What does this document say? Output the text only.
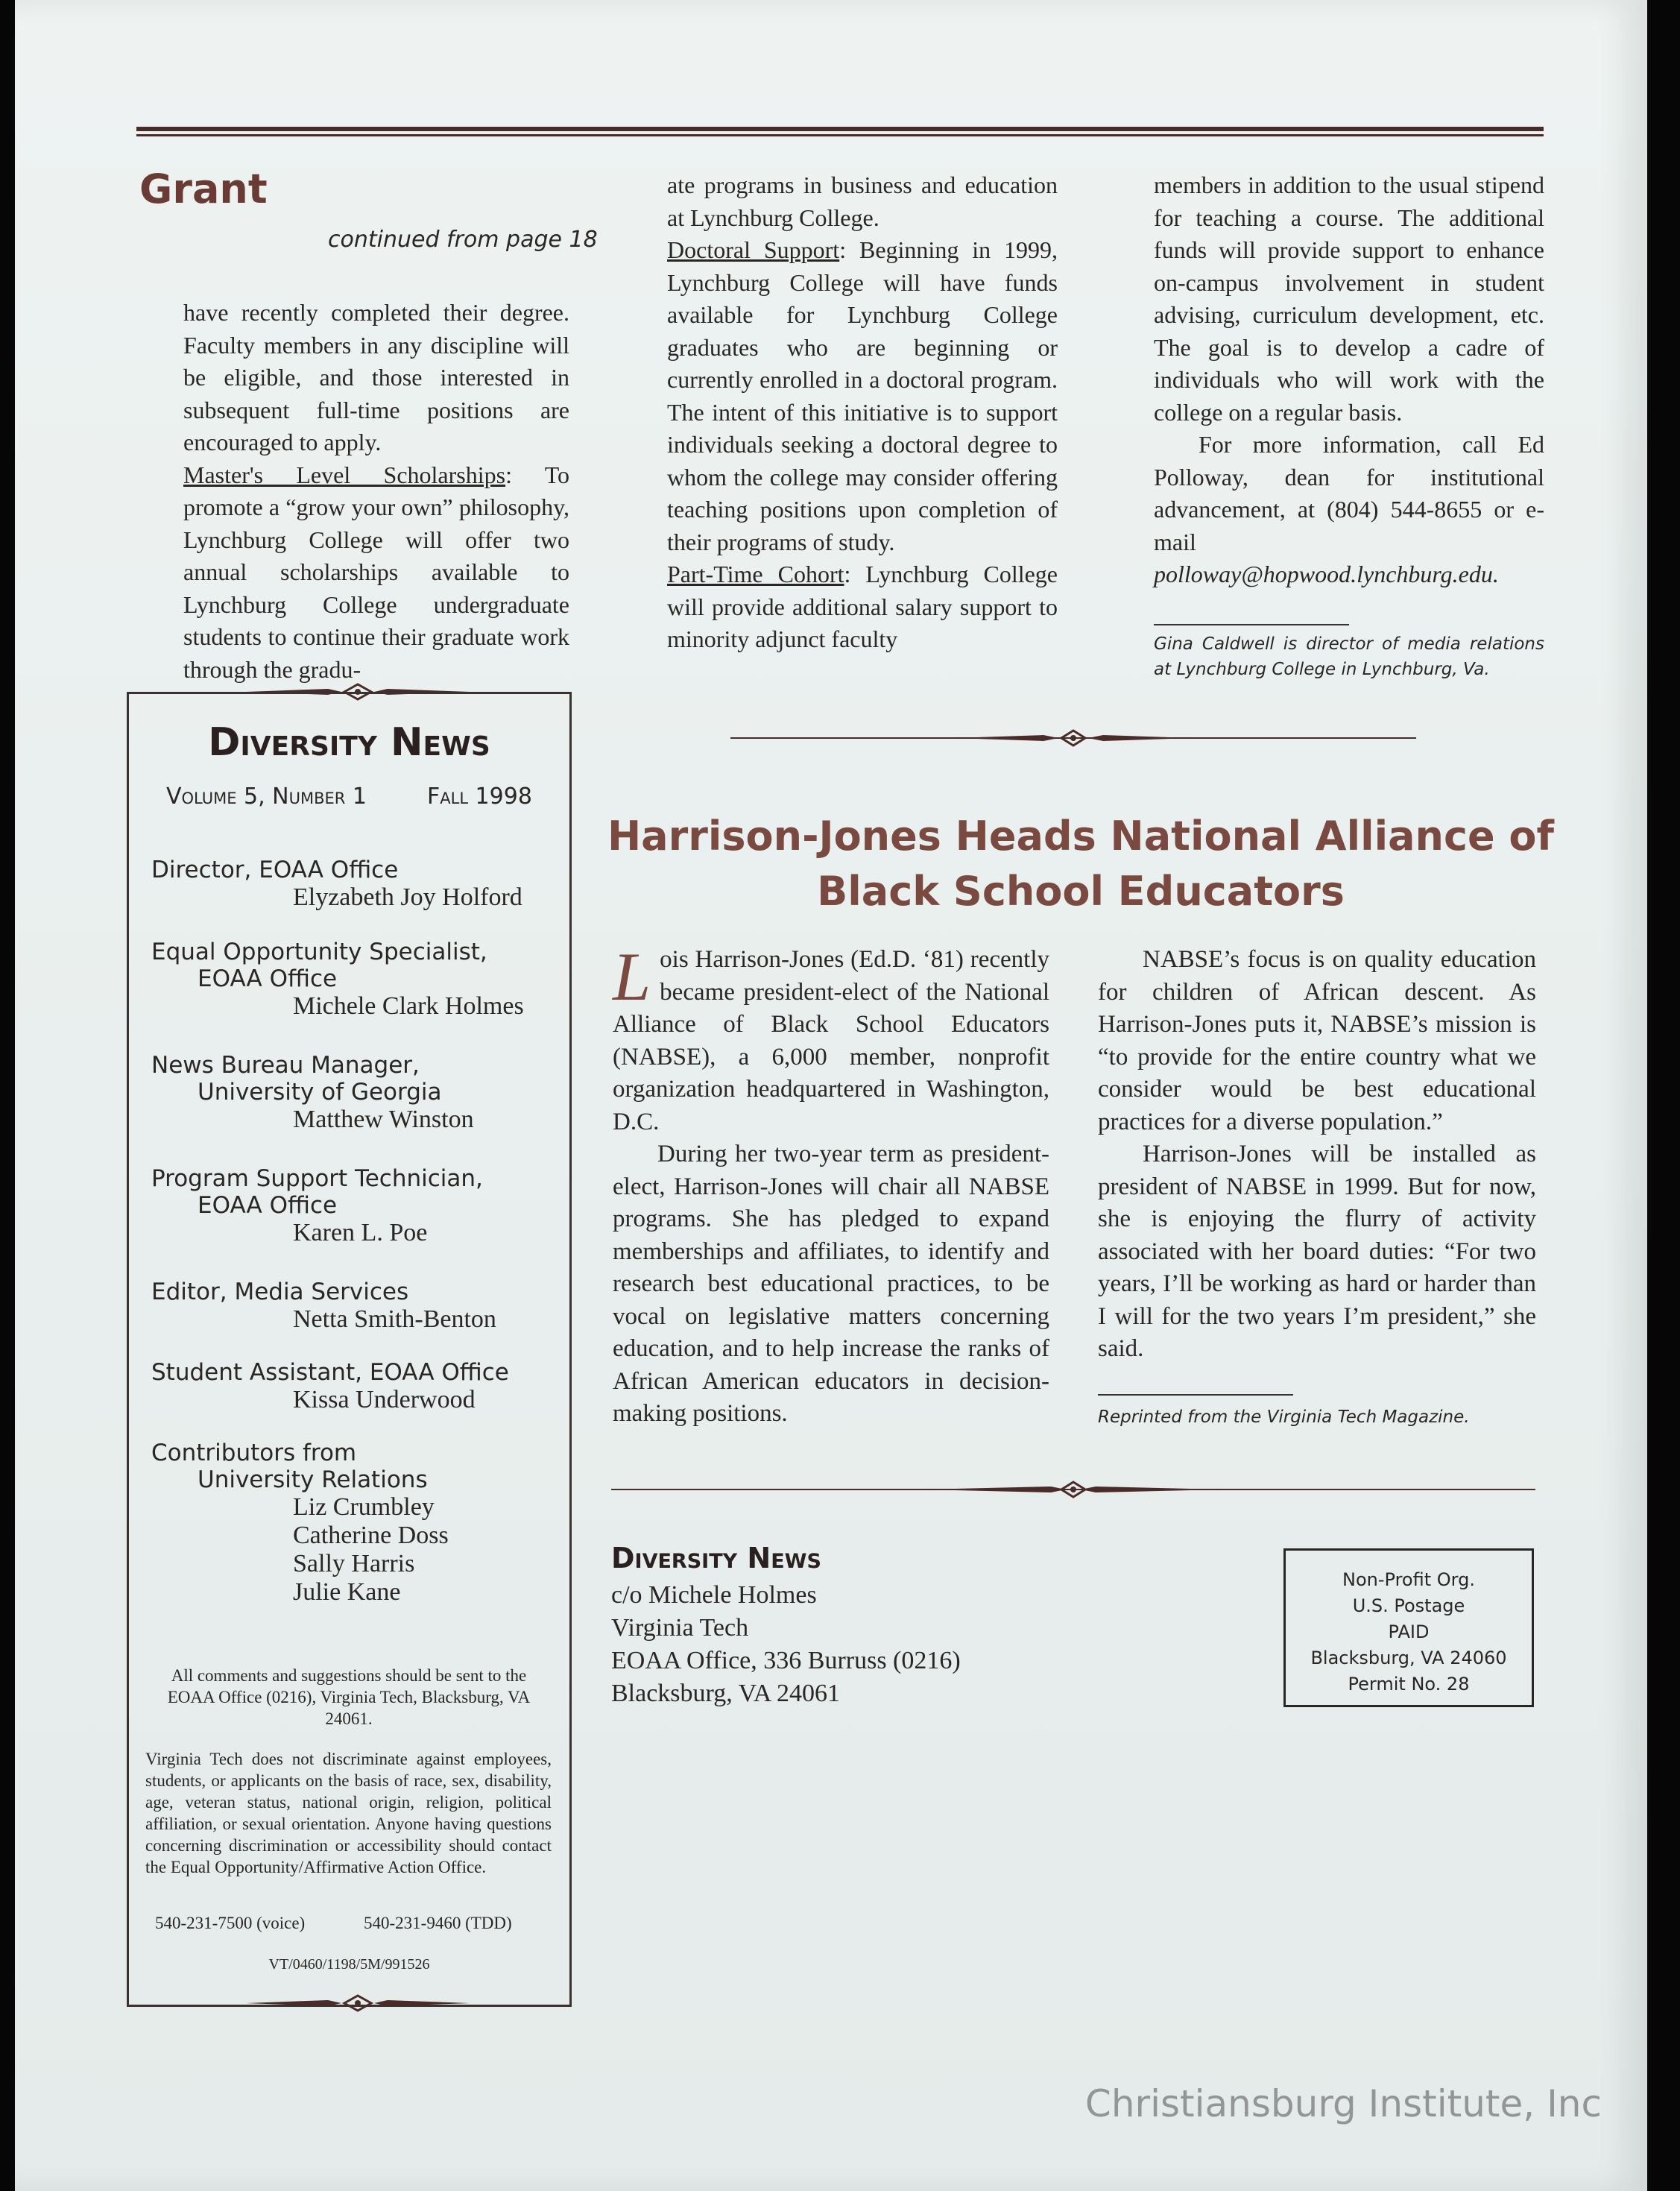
Grant
continued from page 18

have recently completed their degree. Faculty members in any discipline will be eligible, and those interested in subsequent full-time positions are encouraged to apply.

Master's Level Scholarships: To promote a “grow your own” philosophy, Lynchburg College will offer two annual scholarships available to Lynchburg College undergraduate students to continue their graduate work through the gradu-

ate programs in business and education at Lynchburg College.

Doctoral Support: Beginning in 1999, Lynchburg College will have funds available for Lynchburg College graduates who are beginning or currently enrolled in a doctoral program. The intent of this initiative is to support individuals seeking a doctoral degree to whom the college may consider offering teaching positions upon completion of their programs of study.

Part-Time Cohort: Lynchburg College will provide additional salary support to minority adjunct faculty

members in addition to the usual stipend for teaching a course. The additional funds will provide support to enhance on-campus involvement in student advising, curriculum development, etc. The goal is to develop a cadre of individuals who will work with the college on a regular basis.

For more information, call Ed Polloway, dean for institutional advancement, at (804) 544-8655 or e-mail polloway@hopwood.lynchburg.edu.

Gina Caldwell is director of media relations at Lynchburg College in Lynchburg, Va.
Diversity News
Volume 5, Number 1	Fall 1998
Director, EOAA Office
Elyzabeth Joy Holford
Equal Opportunity Specialist,
EOAA Office
Michele Clark Holmes
News Bureau Manager,
University of Georgia
Matthew Winston
Program Support Technician,
EOAA Office
Karen L. Poe
Editor, Media Services
Netta Smith-Benton
Student Assistant, EOAA Office
Kissa Underwood
Contributors from
University Relations
Liz Crumbley
Catherine Doss
Sally Harris
Julie Kane
All comments and suggestions should be sent to the EOAA Office (0216), Virginia Tech, Blacksburg, VA 24061.
Virginia Tech does not discriminate against employees, students, or applicants on the basis of race, sex, disability, age, veteran status, national origin, religion, political affiliation, or sexual orientation. Anyone having questions concerning discrimination or accessibility should contact the Equal Opportunity/Affirmative Action Office.
540-231-7500 (voice)	540-231-9460 (TDD)
VT/0460/1198/5M/991526
Harrison-Jones Heads National Alliance of Black School Educators

Lois Harrison-Jones (Ed.D. ‘81) recently became president-elect of the National Alliance of Black School Educators (NABSE), a 6,000 member, nonprofit organization headquartered in Washington, D.C.

During her two-year term as president-elect, Harrison-Jones will chair all NABSE programs. She has pledged to expand memberships and affiliates, to identify and research best educational practices, to be vocal on legislative matters concerning education, and to help increase the ranks of African American educators in decision-making positions.

NABSE’s focus is on quality education for children of African descent. As Harrison-Jones puts it, NABSE’s mission is “to provide for the entire country what we consider would be best educational practices for a diverse population.”

Harrison-Jones will be installed as president of NABSE in 1999. But for now, she is enjoying the flurry of activity associated with her board duties: “For two years, I’ll be working as hard or harder than I will for the two years I’m president,” she said.

Reprinted from the Virginia Tech Magazine.
Diversity News
c/o Michele Holmes
Virginia Tech
EOAA Office, 336 Burruss (0216)
Blacksburg, VA 24061
Non-Profit Org.
U.S. Postage
PAID
Blacksburg, VA 24060
Permit No. 28
Christiansburg Institute, Inc
